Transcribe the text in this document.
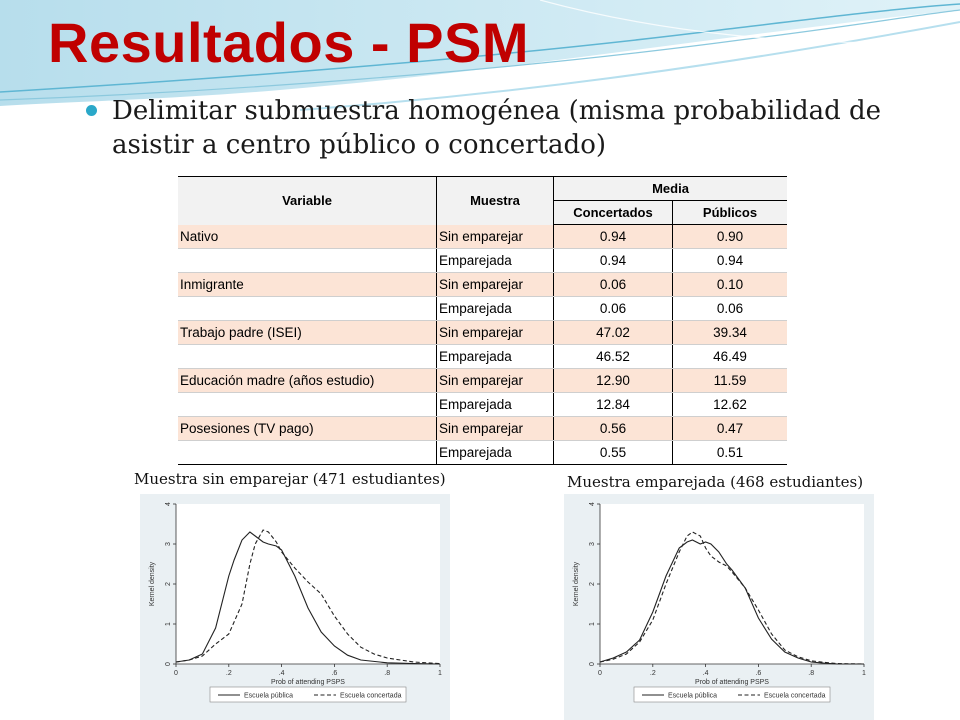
Resultados - PSM

Delimitar submuestra homogénea (misma probabilidad de asistir a centro público o concertado)

Variable	Muestra	Media	
		Concertados	Públicos
Nativo	Sin emparejar	0.94	0.90
	Emparejada	0.94	0.94
Inmigrante	Sin emparejar	0.06	0.10
	Emparejada	0.06	0.06
Trabajo padre (ISEI)	Sin emparejar	47.02	39.34
	Emparejada	46.52	46.49
Educación madre (años estudio)	Sin emparejar	12.90	11.59
	Emparejada	12.84	12.62
Posesiones (TV pago)	Sin emparejar	0.56	0.47
	Emparejada	0.55	0.51

Muestra sin emparejar (471 estudiantes)	Muestra emparejada (468 estudiantes)

0	.2	.4	.6	.8	1
0
1
2
3
4
Prob of attending PSPS
Kernel density
Escuela pública	Escuela concertada
0	.2	.4	.6	.8	1
0
1
2
3
4
Prob of attending PSPS
Kernel density
Escuela pública	Escuela concertada
